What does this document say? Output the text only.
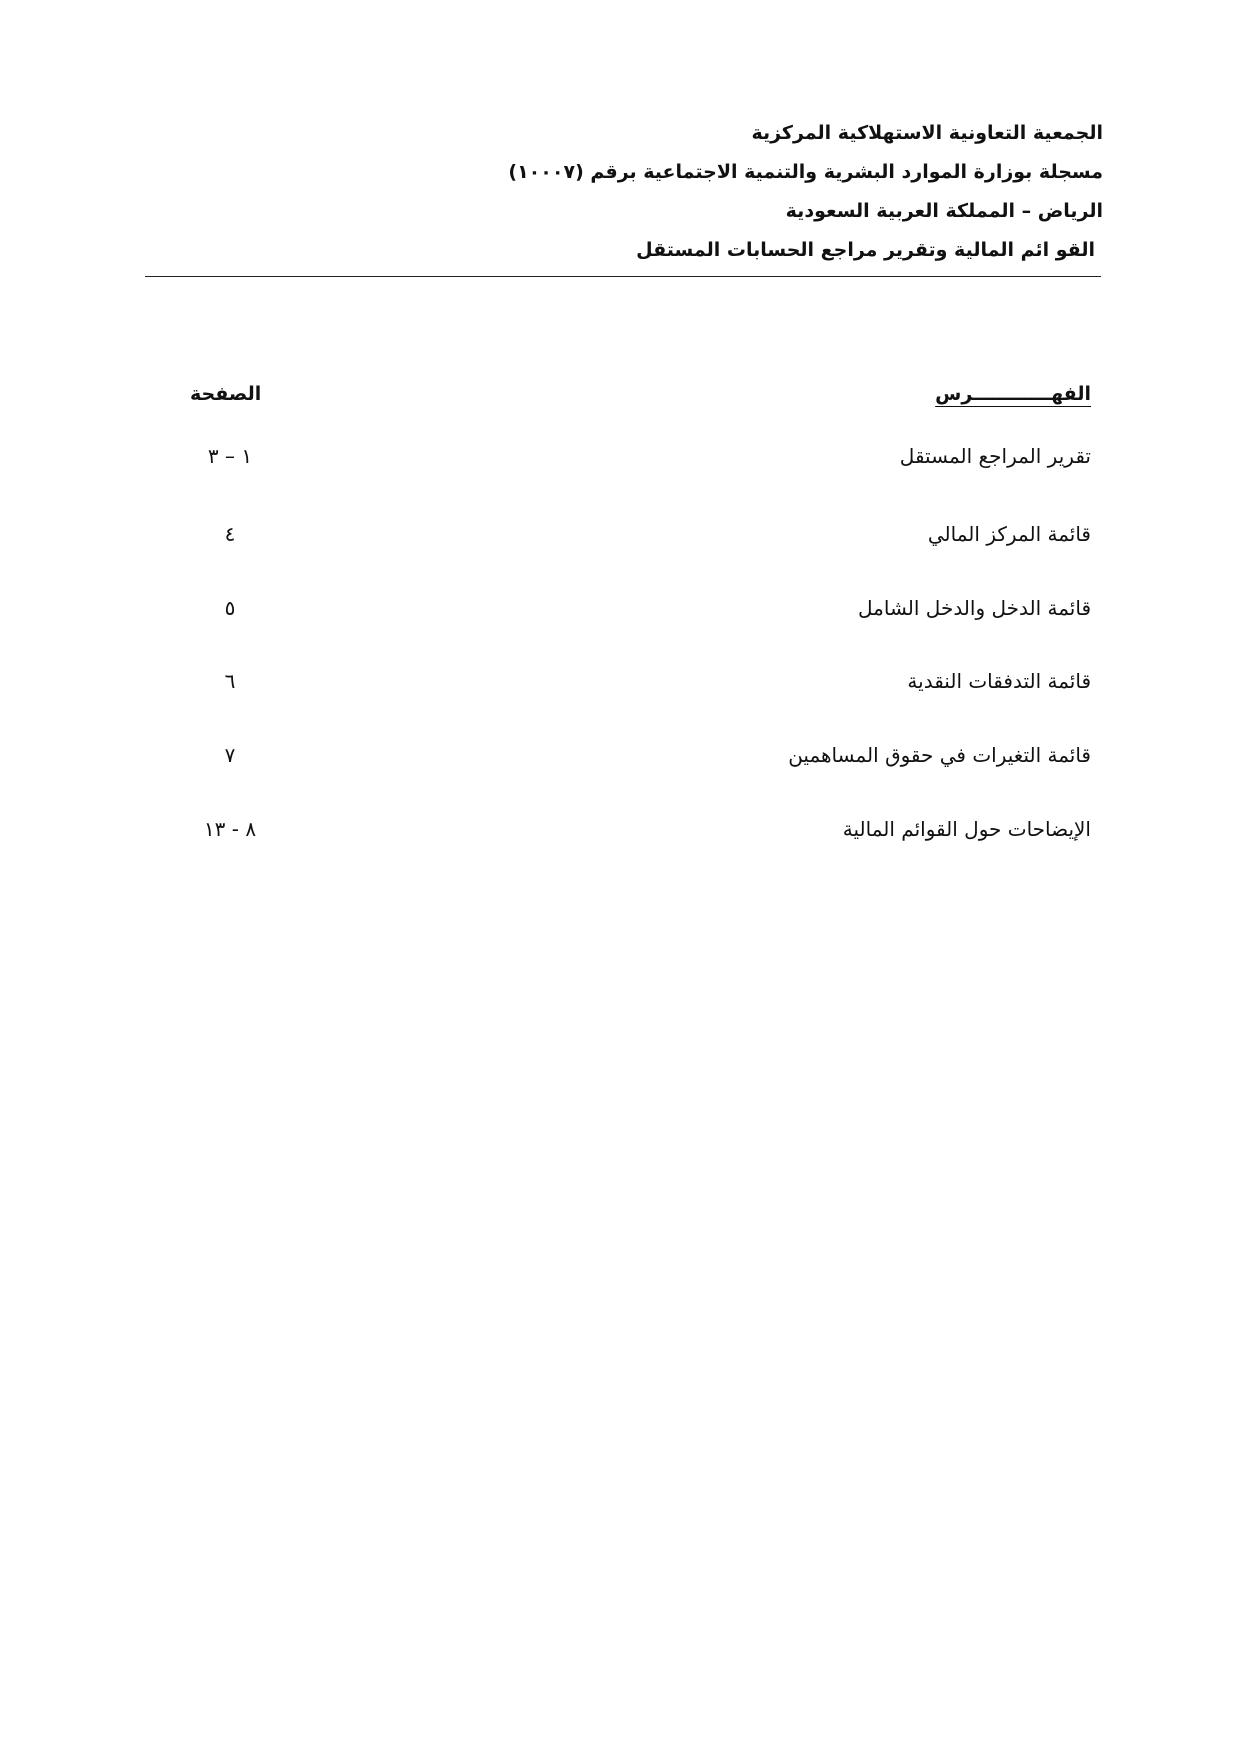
الجمعية التعاونية الاستهلاكية المركزية
مسجلة بوزارة الموارد البشرية والتنمية الاجتماعية برقم (١٠٠٠٧)
الرياض – المملكة العربية السعودية
القو ائم المالية وتقرير مراجع الحسابات المستقل
الفهــــــــــــرس
الصفحة
تقرير المراجع المستقل
١ – ٣
قائمة المركز المالي
٤
قائمة الدخل والدخل الشامل
٥
قائمة التدفقات النقدية
٦
قائمة التغيرات في حقوق المساهمين
٧
الإيضاحات حول القوائم المالية
٨ - ١٣
